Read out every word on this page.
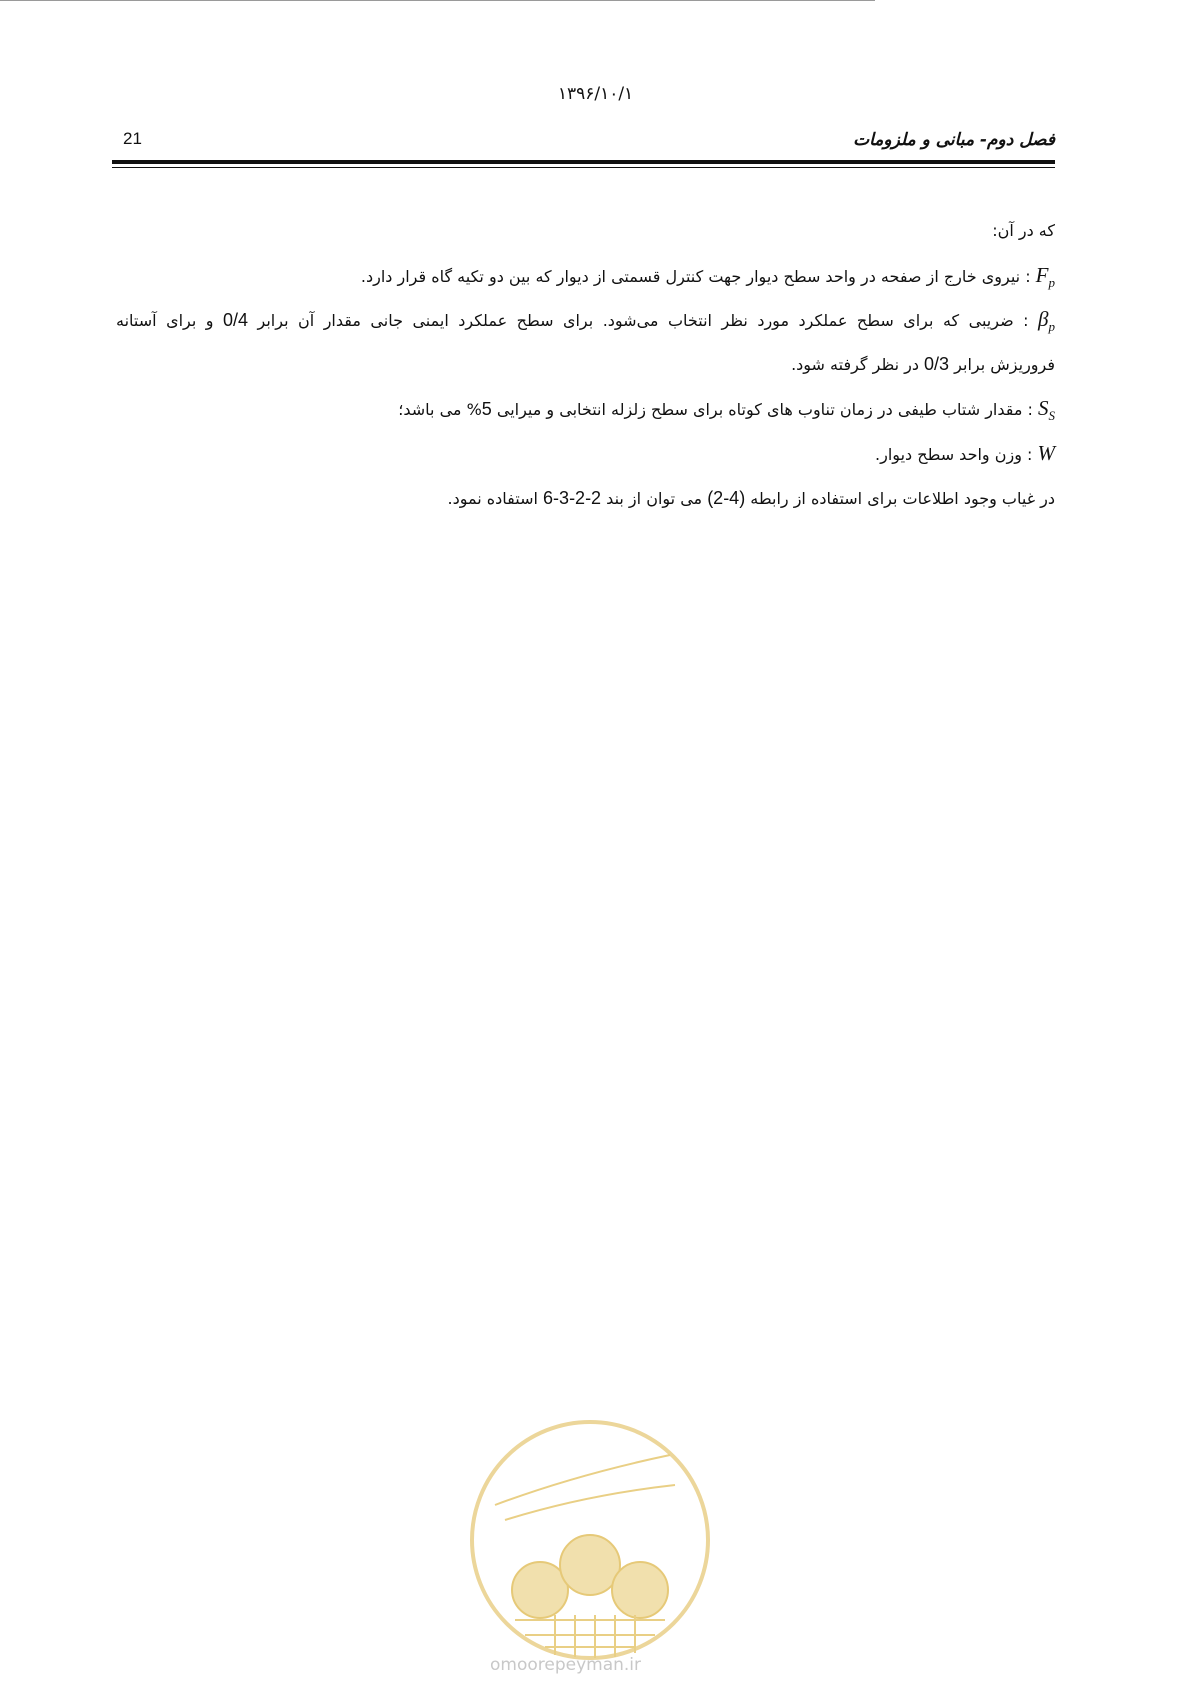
۱۳۹۶/۱۰/۱
21	فصل دوم- مبانی و ملزومات
که در آن:
$F_p$ : نیروی خارج از صفحه در واحد سطح دیوار جهت کنترل قسمتی از دیوار که بین دو تکیه گاه قرار دارد.
$\beta_p$ : ضریبی که برای سطح عملکرد مورد نظر انتخاب می‌شود. برای سطح عملکرد ایمنی جانی مقدار آن برابر 0/4 و برای آستانه
فروریزش برابر 0/3 در نظر گرفته شود.
$S_S$ : مقدار شتاب طیفی در زمان تناوب های کوتاه برای سطح زلزله انتخابی و میرایی 5% می باشد؛
W : وزن واحد سطح دیوار.
در غیاب وجود اطلاعات برای استفاده از رابطه (2-4) می توان از بند 6-3-2-2 استفاده نمود.
omoorepeyman.ir
